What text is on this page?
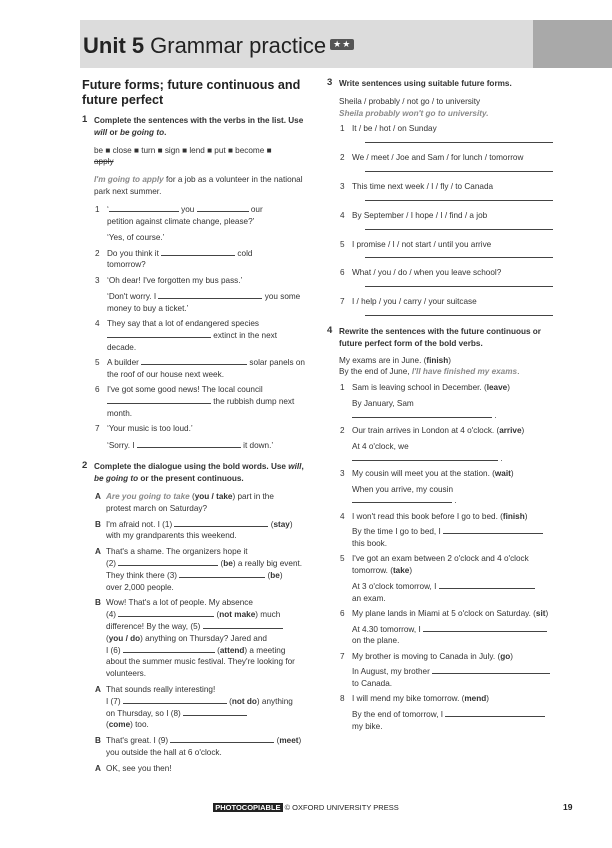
Unit 5 Grammar practice ★★
Future forms; future continuous and future perfect
1 Complete the sentences with the verbs in the list. Use will or be going to.
be ■ close ■ turn ■ sign ■ lend ■ put ■ become ■
apply
I'm going to apply for a job as a volunteer in the national park next summer.
1 ‘	you	our
petition against climate change, please?’
‘Yes, of course.’
2 Do you think it	cold
tomorrow?
3 ‘Oh dear! I've forgotten my bus pass.’
‘Don't worry. I	you some
money to buy a ticket.’
4 They say that a lot of endangered species
extinct in the next decade.
5 A builder	solar panels on
the roof of our house next week.
6 I've got some good news! The local council
the rubbish dump next
month.
7 ‘Your music is too loud.’
‘Sorry. I	it down.’
2 Complete the dialogue using the bold words. Use will, be going to or the present continuous.
A Are you going to take (you / take) part in the
protest march on Saturday?
B I'm afraid not. I (1)	(stay)
with my grandparents this weekend.
A That's a shame. The organizers hope it
(2)	(be) a really big event.
They think there (3)	(be)
over 2,000 people.
B Wow! That's a lot of people. My absence
(4)	(not make) much
difference! By the way, (5)
(you / do) anything on Thursday? Jared and
I (6)	(attend) a meeting
about the summer music festival. They're looking for
volunteers.
A That sounds really interesting!
I (7)	(not do) anything
on Thursday, so I (8)
(come) too.
B That's great. I (9)	(meet)
you outside the hall at 6 o'clock.
A OK, see you then!
3 Write sentences using suitable future forms.
Sheila / probably / not go / to university
Sheila probably won't go to university.
1 It / be / hot / on Sunday
2 We / meet / Joe and Sam / for lunch / tomorrow
3 This time next week / I / fly / to Canada
4 By September / I hope / I / find / a job
5 I promise / I / not start / until you arrive
6 What / you / do / when you leave school?
7 I / help / you / carry / your suitcase
4 Rewrite the sentences with the future continuous or future perfect form of the bold verbs.
My exams are in June. (finish)
By the end of June, I'll have finished my exams.
1 Sam is leaving school in December. (leave)
By January, Sam  .
2 Our train arrives in London at 4 o'clock. (arrive)
At 4 o'clock, we  .
3 My cousin will meet you at the station. (wait)
When you arrive, my cousin  .
4 I won't read this book before I go to bed. (finish)
By the time I go to bed, I
this book.
5 I've got an exam between 2 o'clock and 4 o'clock
tomorrow. (take)
At 3 o'clock tomorrow, I
an exam.
6 My plane lands in Miami at 5 o'clock on Saturday. (sit)
At 4.30 tomorrow, I
on the plane.
7 My brother is moving to Canada in July. (go)
In August, my brother
to Canada.
8 I will mend my bike tomorrow. (mend)
By the end of tomorrow, I
my bike.
PHOTOCOPIABLE © OXFORD UNIVERSITY PRESS	19
